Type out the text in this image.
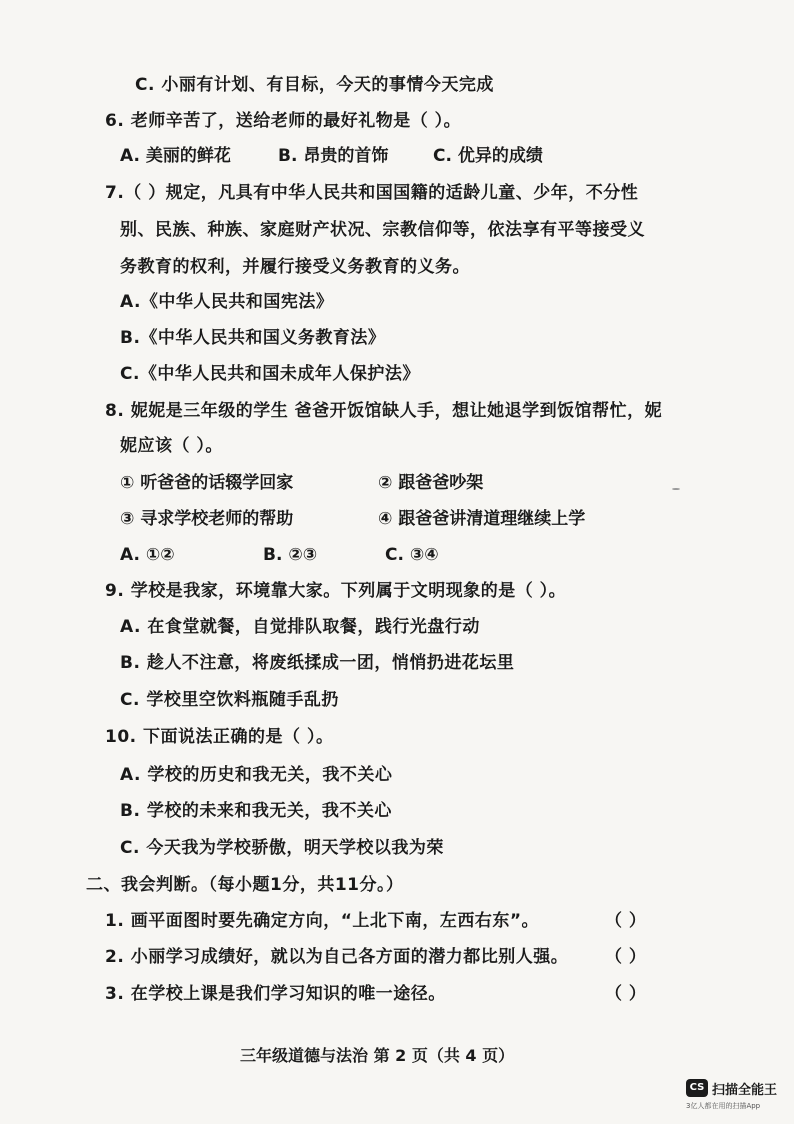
C. 小丽有计划、有目标，今天的事情今天完成
6. 老师辛苦了，送给老师的最好礼物是（ ）。
A. 美丽的鲜花	B. 昂贵的首饰	C. 优异的成绩
7.（ ）规定，凡具有中华人民共和国国籍的适龄儿童、少年，不分性
别、民族、种族、家庭财产状况、宗教信仰等，依法享有平等接受义
务教育的权利，并履行接受义务教育的义务。
A.《中华人民共和国宪法》
B.《中华人民共和国义务教育法》
C.《中华人民共和国未成年人保护法》
8. 妮妮是三年级的学生 爸爸开饭馆缺人手，想让她退学到饭馆帮忙，妮
妮应该（ ）。
① 听爸爸的话辍学回家	② 跟爸爸吵架
③ 寻求学校老师的帮助	④ 跟爸爸讲清道理继续上学
A. ①②	B. ②③	C. ③④
9. 学校是我家，环境靠大家。下列属于文明现象的是（ ）。
A. 在食堂就餐，自觉排队取餐，践行光盘行动
B. 趁人不注意，将废纸揉成一团，悄悄扔进花坛里
C. 学校里空饮料瓶随手乱扔
10. 下面说法正确的是（ ）。
A. 学校的历史和我无关，我不关心
B. 学校的未来和我无关，我不关心
C. 今天我为学校骄傲，明天学校以我为荣
二、我会判断。（每小题1分，共11分。）
1. 画平面图时要先确定方向，“上北下南，左西右东”。	（ ）
2. 小丽学习成绩好，就以为自己各方面的潜力都比别人强。 （ ）
3. 在学校上课是我们学习知识的唯一途径。	（ ）
三年级道德与法治 第 2 页（共 4 页）
CS 扫描全能王
3亿人都在用的扫描App
